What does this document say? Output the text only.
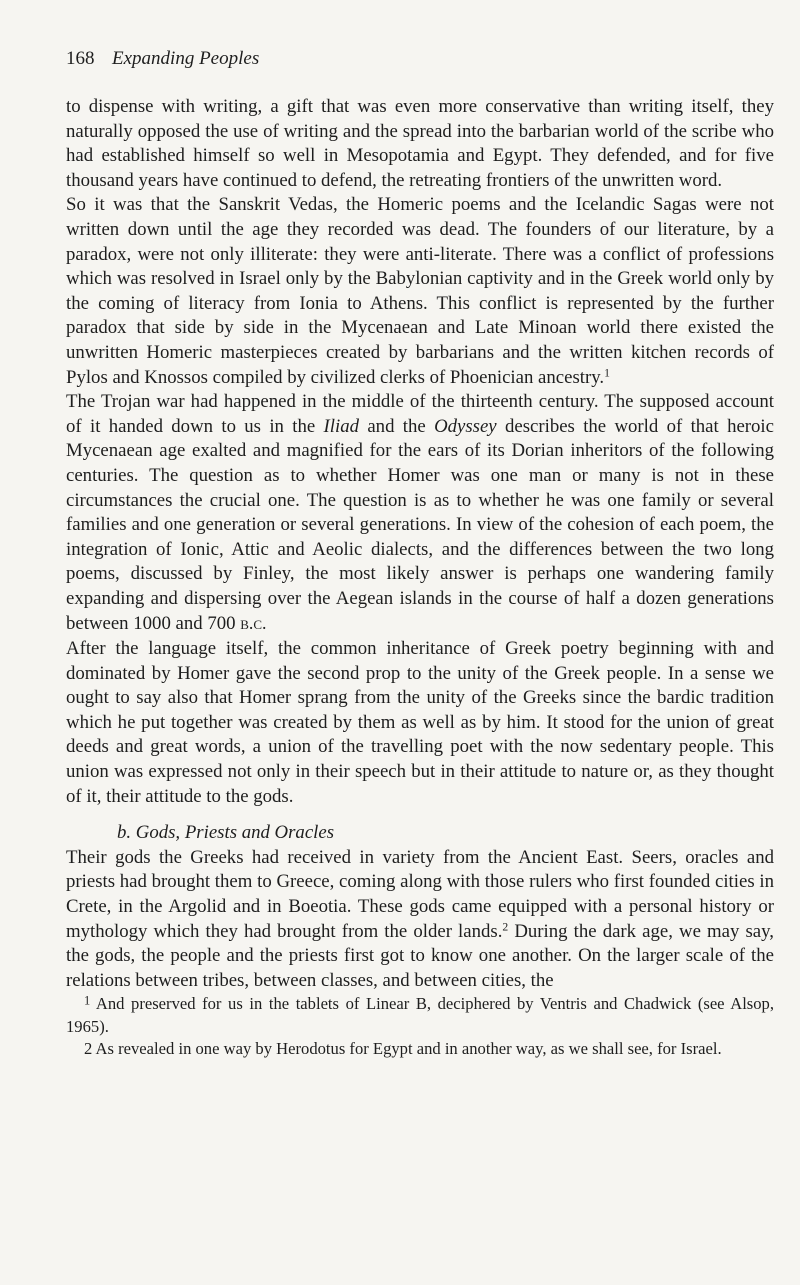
168 Expanding Peoples

to dispense with writing, a gift that was even more conservative than writing itself, they naturally opposed the use of writing and the spread into the barbarian world of the scribe who had established himself so well in Mesopotamia and Egypt. They defended, and for five thousand years have continued to defend, the retreating frontiers of the unwritten word.

So it was that the Sanskrit Vedas, the Homeric poems and the Icelandic Sagas were not written down until the age they recorded was dead. The founders of our literature, by a paradox, were not only illiterate: they were anti-literate. There was a conflict of professions which was resolved in Israel only by the Babylonian captivity and in the Greek world only by the coming of literacy from Ionia to Athens. This conflict is represented by the further paradox that side by side in the Mycenaean and Late Minoan world there existed the unwritten Homeric masterpieces created by barbarians and the written kitchen records of Pylos and Knossos compiled by civilized clerks of Phoenician ancestry.$^1$

The Trojan war had happened in the middle of the thirteenth century. The supposed account of it handed down to us in the Iliad and the Odyssey describes the world of that heroic Mycenaean age exalted and magnified for the ears of its Dorian inheritors of the following centuries. The question as to whether Homer was one man or many is not in these circumstances the crucial one. The question is as to whether he was one family or several families and one generation or several generations. In view of the cohesion of each poem, the integration of Ionic, Attic and Aeolic dialects, and the differences between the two long poems, discussed by Finley, the most likely answer is perhaps one wandering family expanding and dispersing over the Aegean islands in the course of half a dozen generations between 1000 and 700 b.c.

After the language itself, the common inheritance of Greek poetry beginning with and dominated by Homer gave the second prop to the unity of the Greek people. In a sense we ought to say also that Homer sprang from the unity of the Greeks since the bardic tradition which he put together was created by them as well as by him. It stood for the union of great deeds and great words, a union of the travelling poet with the now sedentary people. This union was expressed not only in their speech but in their attitude to nature or, as they thought of it, their attitude to the gods.

b. Gods, Priests and Oracles

Their gods the Greeks had received in variety from the Ancient East. Seers, oracles and priests had brought them to Greece, coming along with those rulers who first founded cities in Crete, in the Argolid and in Boeotia. These gods came equipped with a personal history or mythology which they had brought from the older lands.$^2$ During the dark age, we may say, the gods, the people and the priests first got to know one another. On the larger scale of the relations between tribes, between classes, and between cities, the

$^1$ And preserved for us in the tablets of Linear B, deciphered by Ventris and Chadwick (see Alsop, 1965).

2 As revealed in one way by Herodotus for Egypt and in another way, as we shall see, for Israel.
